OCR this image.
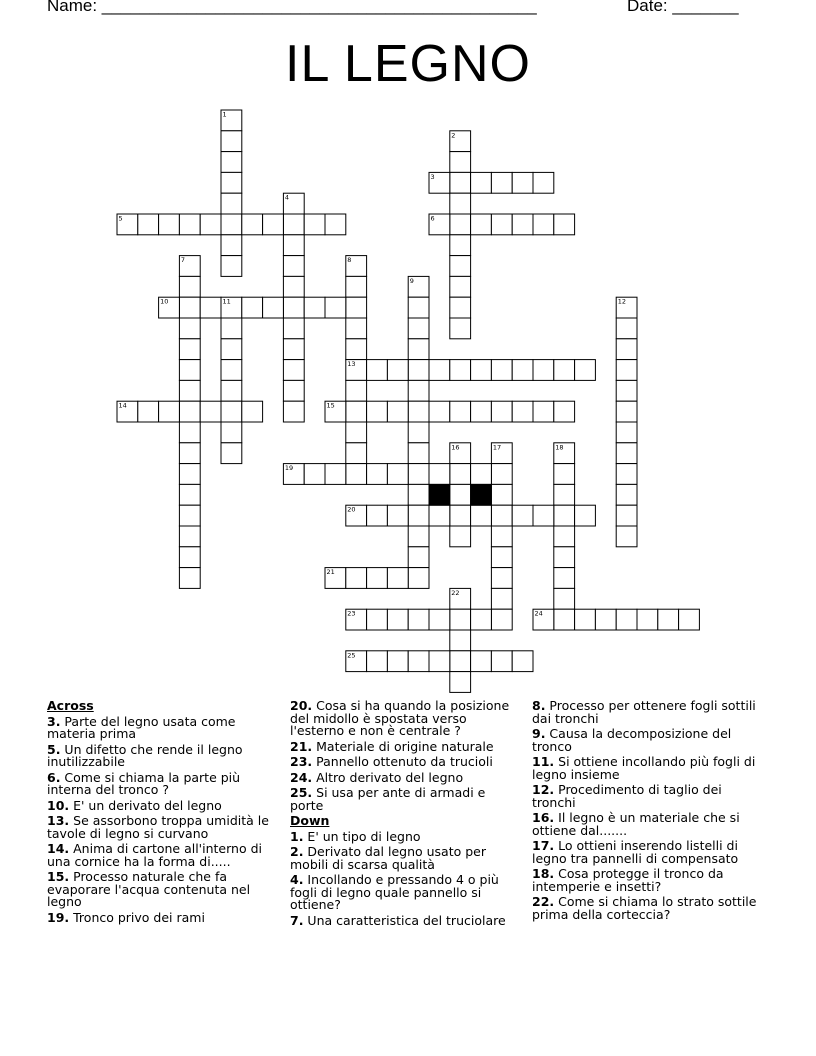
Name: ______________________________________________	Date: _______
IL LEGNO
1
2
3
4
5	6
7	8
9
10	11	12
13
14	15
16	17	18
19
20
21
22
23	24
25
Across
3. Parte del legno usata come materia prima
5. Un difetto che rende il legno inutilizzabile
6. Come si chiama la parte più interna del tronco ?
10. E' un derivato del legno
13. Se assorbono troppa umidità le tavole di legno si curvano
14. Anima di cartone all'interno di una cornice ha la forma di.....
15. Processo naturale che fa evaporare l'acqua contenuta nel legno
19. Tronco privo dei rami
20. Cosa si ha quando la posizione del midollo è spostata verso l'esterno e non è centrale ?
21. Materiale di origine naturale
23. Pannello ottenuto da trucioli
24. Altro derivato del legno
25. Si usa per ante di armadi e porte
Down
1. E' un tipo di legno
2. Derivato dal legno usato per mobili di scarsa qualità
4. Incollando e pressando 4 o più fogli di legno quale pannello si ottiene?
7. Una caratteristica del truciolare
8. Processo per ottenere fogli sottili dai tronchi
9. Causa la decomposizione del tronco
11. Si ottiene incollando più fogli di legno insieme
12. Procedimento di taglio dei tronchi
16. Il legno è un materiale che si ottiene dal.......
17. Lo ottieni inserendo listelli di legno tra pannelli di compensato
18. Cosa protegge il tronco da intemperie e insetti?
22. Come si chiama lo strato sottile prima della corteccia?
